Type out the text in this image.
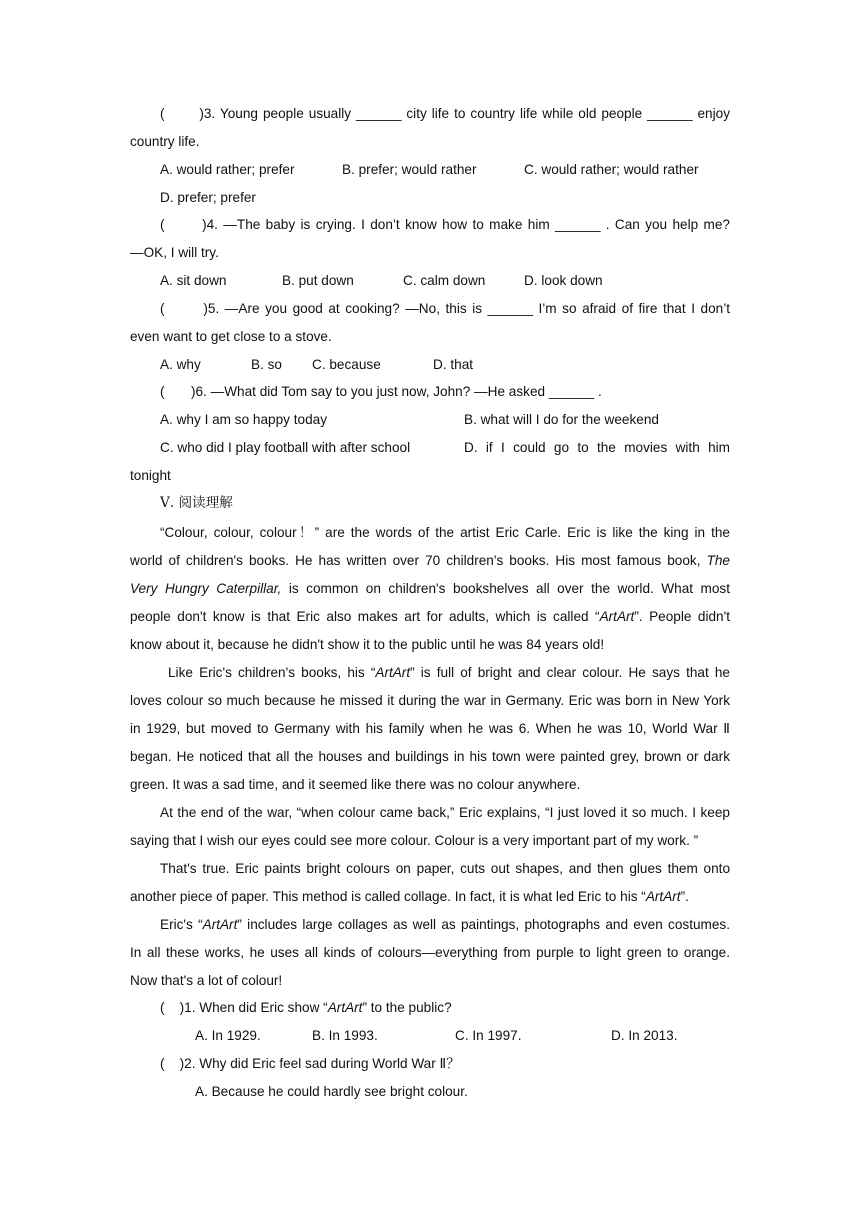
(       )3. Young people usually ______ city life to country life while old people ______ enjoy
country life.
A. would rather; prefer	B. prefer; would rather	C. would rather; would rather
D. prefer; prefer
(       )4. —The baby is crying. I don’t know how to make him ______ . Can you help me?
—OK, I will try.
A. sit down	B. put down	C. calm down	D. look down
(       )5. —Are you good at cooking? —No, this is ______ I’m so afraid of fire that I don’t
even want to get close to a stove.
A. why	B. so C. because	D. that
(       )6. —What did Tom say to you just now, John? —He asked ______ .
A. why I am so happy today	B. what will I do for the weekend
C. who did I play football with after school	D. if I could go to the movies with him
tonight
Ⅴ. 阅读理解
“Colour, colour, colour！” are the words of the artist Eric Carle. Eric is like the king in the
world of children's books. He has written over 70 children's books. His most famous book, The
Very Hungry Caterpillar, is common on children's bookshelves all over the world. What most
people don't know is that Eric also makes art for adults, which is called “ArtArt”. People didn't
know about it, because he didn't show it to the public until he was 84 years old!
Like Eric's children's books, his “ArtArt” is full of bright and clear colour. He says that he
loves colour so much because he missed it during the war in Germany. Eric was born in New York
in 1929, but moved to Germany with his family when he was 6. When he was 10, World War Ⅱ
began. He noticed that all the houses and buildings in his town were painted grey, brown or dark
green. It was a sad time, and it seemed like there was no colour anywhere.
At the end of the war, “when colour came back,” Eric explains, “I just loved it so much. I keep
saying that I wish our eyes could see more colour. Colour is a very important part of my work. ”
That's true. Eric paints bright colours on paper, cuts out shapes, and then glues them onto
another piece of paper. This method is called collage. In fact, it is what led Eric to his “ArtArt”.
Eric's “ArtArt” includes large collages as well as paintings, photographs and even costumes.
In all these works, he uses all kinds of colours—everything from purple to light green to orange.
Now that's a lot of colour!
(    )1. When did Eric show “ArtArt” to the public?
A. In 1929.	B. In 1993.	C. In 1997.	D. In 2013.
(    )2. Why did Eric feel sad during World War Ⅱ？
A. Because he could hardly see bright colour.
